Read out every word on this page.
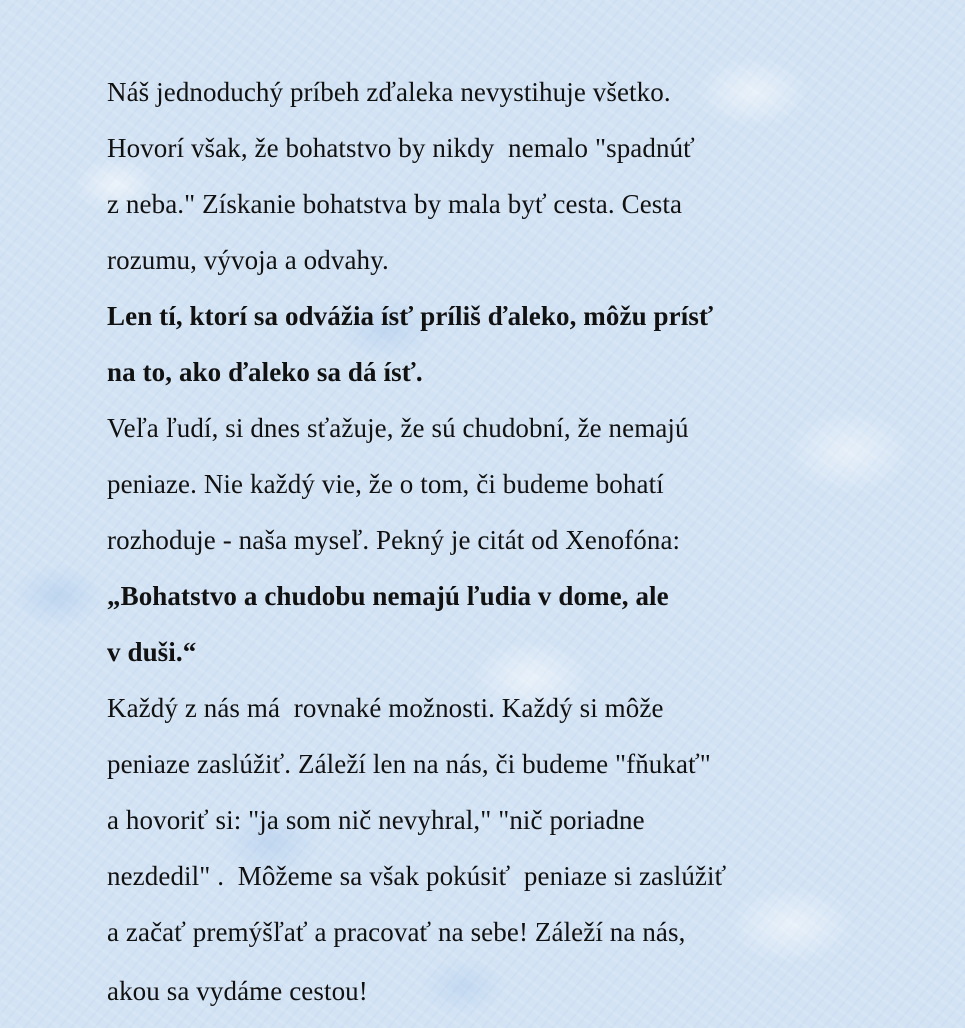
Náš jednoduchý príbeh zďaleka nevystihuje všetko.
Hovorí však, že bohatstvo by nikdy  nemalo "spadnúť
z neba." Získanie bohatstva by mala byť cesta. Cesta
rozumu, vývoja a odvahy.
Len tí, ktorí sa odvážia ísť príliš ďaleko, môžu prísť
na to, ako ďaleko sa dá ísť.
Veľa ľudí, si dnes sťažuje, že sú chudobní, že nemajú
peniaze. Nie každý vie, že o tom, či budeme bohatí
rozhoduje - naša myseľ. Pekný je citát od Xenofóna:
„Bohatstvo a chudobu nemajú ľudia v dome, ale
v duši.“
Každý z nás má  rovnaké možnosti. Každý si môže
peniaze zaslúžiť. Záleží len na nás, či budeme "fňukať"
a hovoriť si: "ja som nič nevyhral," "nič poriadne
nezdedil" .  Môžeme sa však pokúsiť  peniaze si zaslúžiť
a začať premýšľať a pracovať na sebe! Záleží na nás,
akou sa vydáme cestou!
